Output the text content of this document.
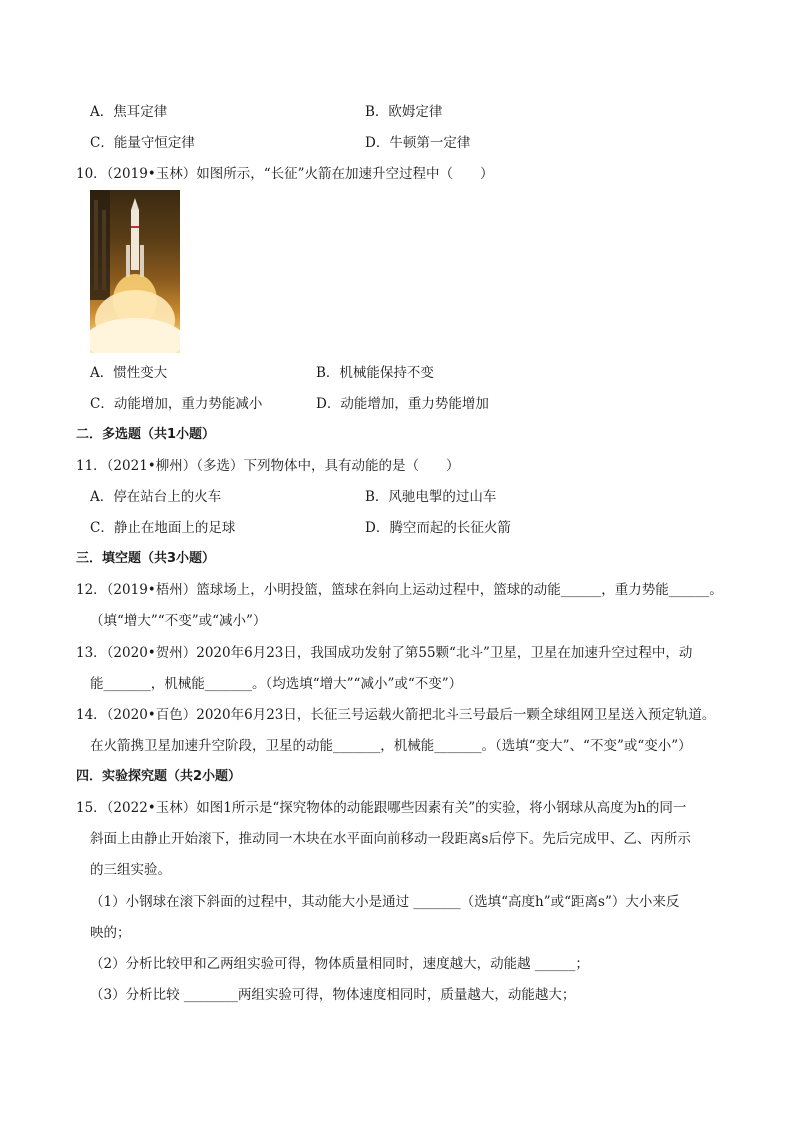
A．焦耳定律	B．欧姆定律
C．能量守恒定律	D．牛顿第一定律
10．（2019•玉林）如图所示，“长征”火箭在加速升空过程中（　　）
A．惯性变大	B．机械能保持不变
C．动能增加，重力势能减小	D．动能增加，重力势能增加
二．多选题（共1小题）
11．（2021•柳州）（多选）下列物体中，具有动能的是（　　）
A．停在站台上的火车	B．风驰电掣的过山车
C．静止在地面上的足球	D．腾空而起的长征火箭
三．填空题（共3小题）
12．（2019•梧州）篮球场上，小明投篮，篮球在斜向上运动过程中，篮球的动能______，重力势能______。
（填“增大”“不变”或“减小”）
13．（2020•贺州）2020年6月23日，我国成功发射了第55颗“北斗”卫星，卫星在加速升空过程中，动
能_______，机械能_______。（均选填“增大”“减小”或“不变”）
14．（2020•百色）2020年6月23日，长征三号运载火箭把北斗三号最后一颗全球组网卫星送入预定轨道。
在火箭携卫星加速升空阶段，卫星的动能_______，机械能_______。（选填“变大”、“不变”或“变小”）
四．实验探究题（共2小题）
15．（2022•玉林）如图1所示是“探究物体的动能跟哪些因素有关”的实验，将小钢球从高度为h的同一
斜面上由静止开始滚下，推动同一木块在水平面向前移动一段距离s后停下。先后完成甲、乙、丙所示
的三组实验。
（1）小钢球在滚下斜面的过程中，其动能大小是通过 _______（选填“高度h”或“距离s”）大小来反
映的；
（2）分析比较甲和乙两组实验可得，物体质量相同时，速度越大，动能越 ______；
（3）分析比较 ________两组实验可得，物体速度相同时，质量越大，动能越大；
